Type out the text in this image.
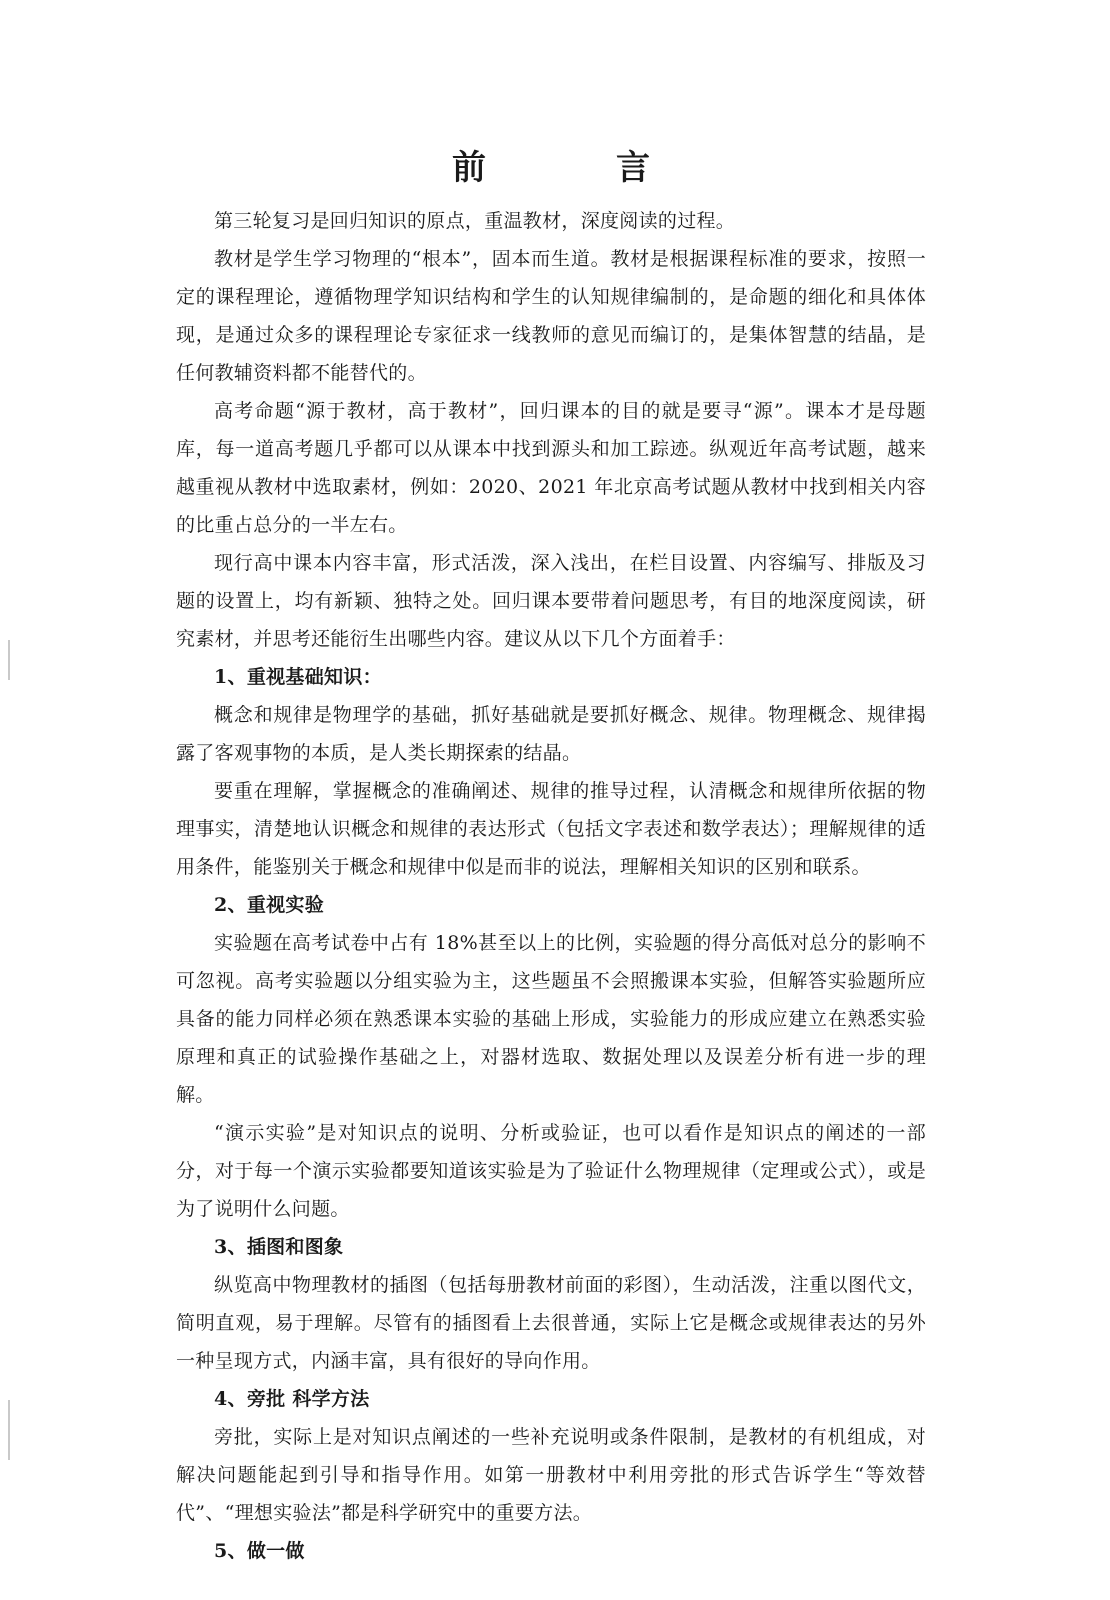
前　言

第三轮复习是回归知识的原点，重温教材，深度阅读的过程。

教材是学生学习物理的“根本”，固本而生道。教材是根据课程标准的要求，按照一定的课程理论，遵循物理学知识结构和学生的认知规律编制的，是命题的细化和具体体现，是通过众多的课程理论专家征求一线教师的意见而编订的，是集体智慧的结晶，是任何教辅资料都不能替代的。

高考命题“源于教材，高于教材”，回归课本的目的就是要寻“源”。课本才是母题库，每一道高考题几乎都可以从课本中找到源头和加工踪迹。纵观近年高考试题，越来越重视从教材中选取素材，例如：2020、2021 年北京高考试题从教材中找到相关内容的比重占总分的一半左右。

现行高中课本内容丰富，形式活泼，深入浅出，在栏目设置、内容编写、排版及习题的设置上，均有新颖、独特之处。回归课本要带着问题思考，有目的地深度阅读，研究素材，并思考还能衍生出哪些内容。建议从以下几个方面着手：

1、重视基础知识：

概念和规律是物理学的基础，抓好基础就是要抓好概念、规律。物理概念、规律揭露了客观事物的本质，是人类长期探索的结晶。

要重在理解，掌握概念的准确阐述、规律的推导过程，认清概念和规律所依据的物理事实，清楚地认识概念和规律的表达形式（包括文字表述和数学表达）；理解规律的适用条件，能鉴别关于概念和规律中似是而非的说法，理解相关知识的区别和联系。

2、重视实验

实验题在高考试卷中占有 18%甚至以上的比例，实验题的得分高低对总分的影响不可忽视。高考实验题以分组实验为主，这些题虽不会照搬课本实验，但解答实验题所应具备的能力同样必须在熟悉课本实验的基础上形成，实验能力的形成应建立在熟悉实验原理和真正的试验操作基础之上，对器材选取、数据处理以及误差分析有进一步的理解。

“演示实验”是对知识点的说明、分析或验证，也可以看作是知识点的阐述的一部分，对于每一个演示实验都要知道该实验是为了验证什么物理规律（定理或公式），或是为了说明什么问题。

3、插图和图象

纵览高中物理教材的插图（包括每册教材前面的彩图），生动活泼，注重以图代文，简明直观，易于理解。尽管有的插图看上去很普通，实际上它是概念或规律表达的另外一种呈现方式，内涵丰富，具有很好的导向作用。

4、旁批 科学方法

旁批，实际上是对知识点阐述的一些补充说明或条件限制，是教材的有机组成，对解决问题能起到引导和指导作用。如第一册教材中利用旁批的形式告诉学生“等效替代”、“理想实验法”都是科学研究中的重要方法。

5、做一做
